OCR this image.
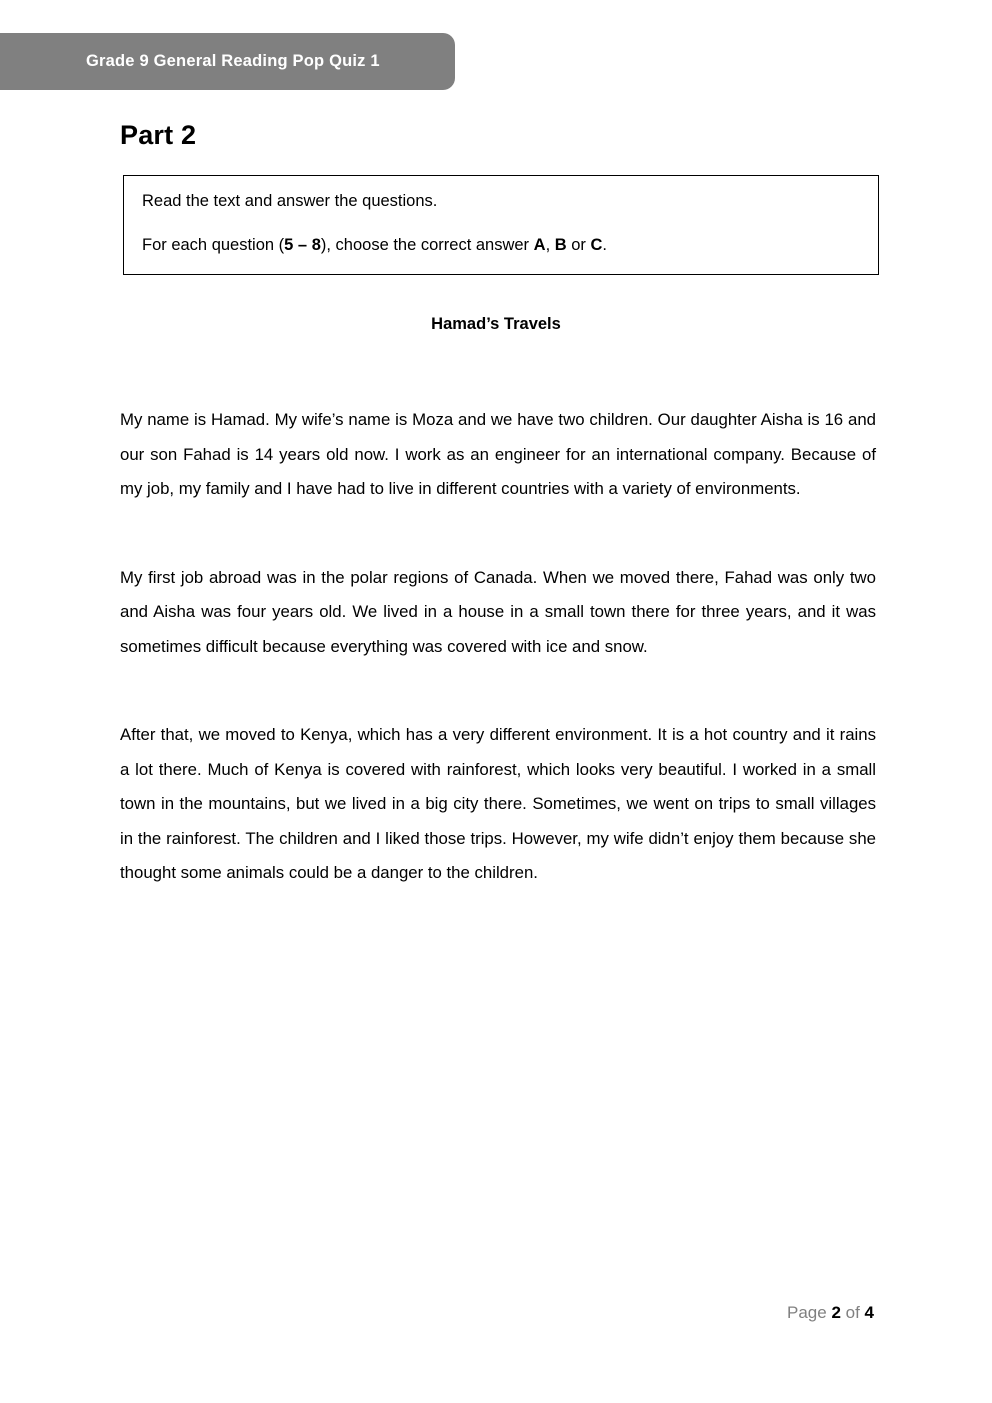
Grade 9 General Reading Pop Quiz 1
Part 2

Read the text and answer the questions.

For each question (5 – 8), choose the correct answer A, B or C.

Hamad’s Travels

My name is Hamad. My wife’s name is Moza and we have two children. Our daughter Aisha is 16 and our son Fahad is 14 years old now. I work as an engineer for an international company. Because of my job, my family and I have had to live in different countries with a variety of environments.

My first job abroad was in the polar regions of Canada. When we moved there, Fahad was only two and Aisha was four years old. We lived in a house in a small town there for three years, and it was sometimes difficult because everything was covered with ice and snow.

After that, we moved to Kenya, which has a very different environment. It is a hot country and it rains a lot there. Much of Kenya is covered with rainforest, which looks very beautiful. I worked in a small town in the mountains, but we lived in a big city there. Sometimes, we went on trips to small villages in the rainforest. The children and I liked those trips. However, my wife didn’t enjoy them because she thought some animals could be a danger to the children.

Page 2 of 4
